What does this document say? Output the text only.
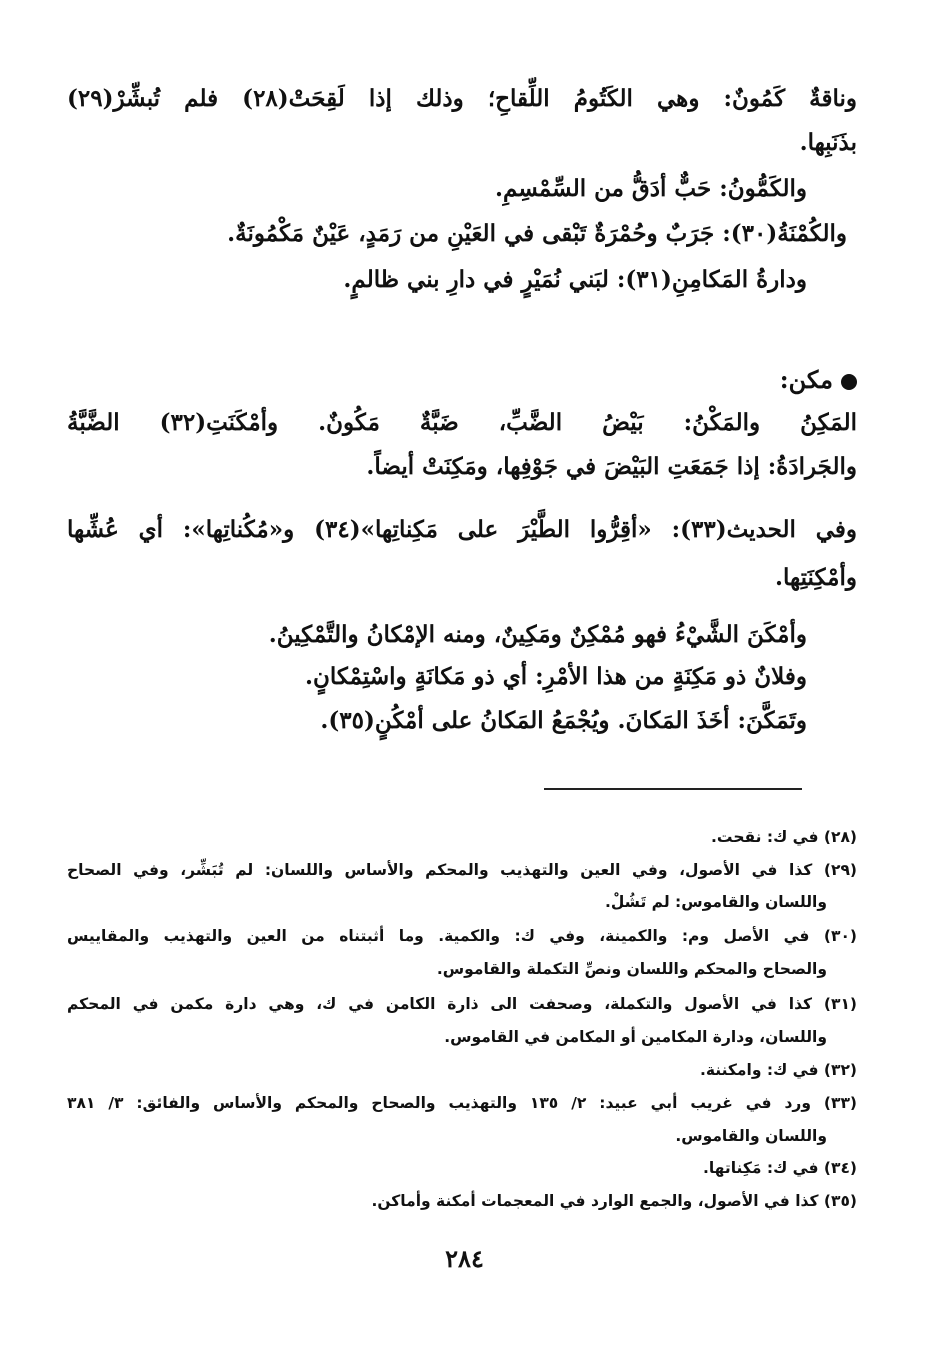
وناقةٌ كَمُونٌ: وهي الكَتُومُ اللِّقاحِ؛ وذلك إذا لَقِحَتْ(٢٨) فلم تُبشِّرْ(٢٩)
بذَنَبِها.
والكَمُّونُ: حَبٌّ أدَقُّ من السِّمْسِمِ.
والكُمْنَةُ(٣٠): جَرَبٌ وحُمْرَةٌ تَبْقى في العَيْنِ من رَمَدٍ، عَيْنٌ مَكْمُونَةٌ.
ودارةُ المَكامِنِ(٣١): لبَني نُمَيْرٍ في دارِ بني ظالمٍ.
مكن:
المَكِنُ والمَكْنُ: بَيْضُ الضَّبِّ، ضَبَّةٌ مَكُونٌ. وأمْكَنَتِ(٣٢) الضَّبَّةُ
والجَرادَةُ: إذا جَمَعَتِ البَيْضَ في جَوْفِها، ومَكِنَتْ أيضاً.
وفي الحديث(٣٣): «أقِرُّوا الطَّيْرَ على مَكِناتِها»(٣٤) و«مُكُناتِها»: أي عُشِّها
وأمْكِنَتِها.
وأمْكَنَ الشَّيْءُ فهو مُمْكِنٌ ومَكِينٌ، ومنه الإمْكانُ والتَّمْكِينُ.
وفلانٌ ذو مَكِنَةٍ من هذا الأمْرِ: أي ذو مَكانَةٍ واسْتِمْكانٍ.
وتَمَكَّنَ: أخَذَ المَكانَ. ويُجْمَعُ المَكانُ على أمْكُنٍ(٣٥).
(٢٨) في ك: نقحت.
(٢٩) كذا في الأصول، وفي العين والتهذيب والمحكم والأساس واللسان: لم تُبَشِّر، وفي الصحاح
واللسان والقاموس: لم تَشُلْ.
(٣٠) في الأصل وم: والكمينة، وفي ك: والكمية. وما أثبتناه من العين والتهذيب والمقاييس
والصحاح والمحكم واللسان ونصِّ التكملة والقاموس.
(٣١) كذا في الأصول والتكملة، وصحفت الى ذارة الكامن في ك، وهي دارة مكمن في المحكم
واللسان، ودارة المكامين أو المكامن في القاموس.
(٣٢) في ك: وامكننة.
(٣٣) ورد في غريب أبي عبيد: ٢/ ١٣٥ والتهذيب والصحاح والمحكم والأساس والفائق: ٣/ ٣٨١
واللسان والقاموس.
(٣٤) في ك: مَكِناتها.
(٣٥) كذا في الأصول، والجمع الوارد في المعجمات أمكنة وأماكن.
٢٨٤
